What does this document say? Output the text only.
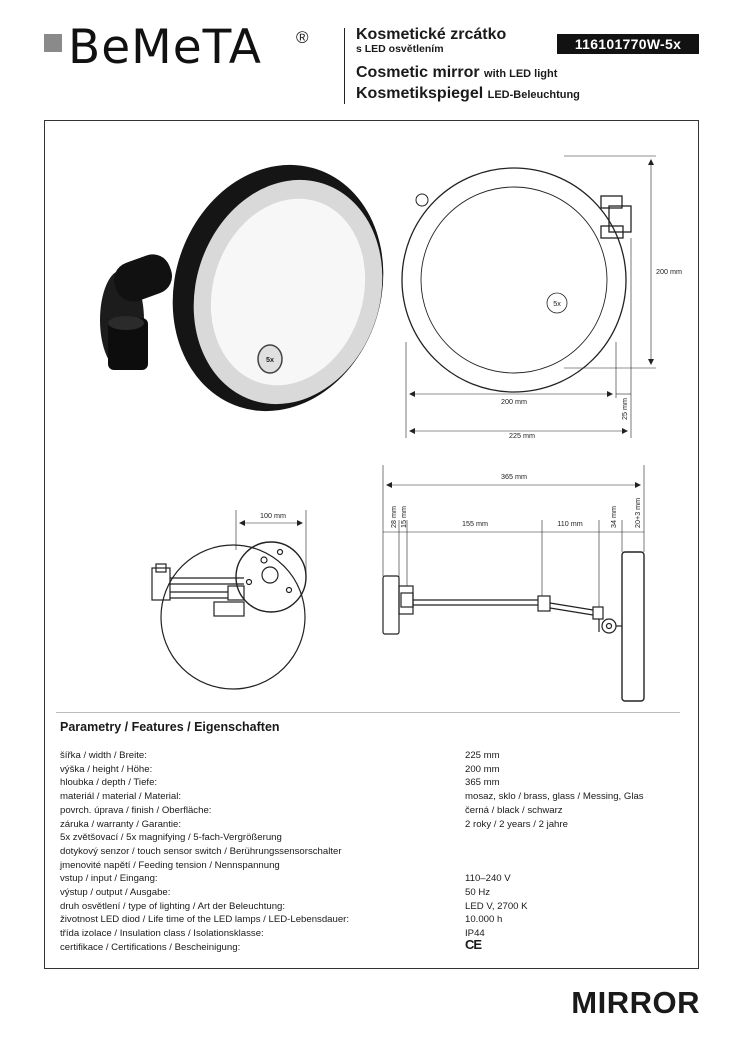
BeMeTA ®	Kosmetické zrcátko
s LED osvětlením
Cosmetic mirror with LED light
Kosmetikspiegel LED-Beleuchtung
116101770W-5x
5x
5x
200 mm
200 mm	25 mm
225 mm
100 mm
365 mm
28 mm 15 mm	155 mm	110 mm	34 mm 20+3 mm
Parametry / Features / Eigenschaften
šířka / width / Breite:	225 mm
výška / height / Höhe:	200 mm
hloubka / depth / Tiefe:	365 mm
materiál / material / Material:	mosaz, sklo / brass, glass / Messing, Glas
povrch. úprava / finish / Oberfläche:	černá / black / schwarz
záruka / warranty / Garantie:	2 roky / 2 years / 2 jahre
5x zvětšovací / 5x magnifying / 5-fach-Vergrößerung
dotykový senzor / touch sensor switch / Berührungssensorschalter
jmenovité napětí / Feeding tension / Nennspannung
vstup / input / Eingang:	110–240 V
výstup / output / Ausgabe:	50 Hz
druh osvětlení / type of lighting / Art der Beleuchtung:	LED V, 2700 K
životnost LED diod / Life time of the LED lamps / LED-Lebensdauer:	10.000 h
třída izolace / Insulation class / Isolationsklasse:	IP44
certifikace / Certifications / Bescheinigung:	CE
MIRROR
